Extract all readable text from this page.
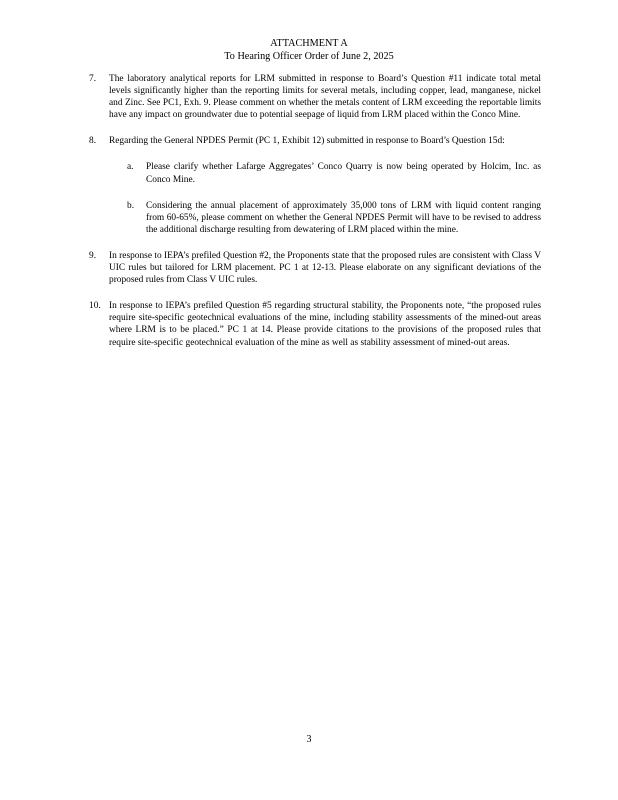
ATTACHMENT A
To Hearing Officer Order of June 2, 2025
7. The laboratory analytical reports for LRM submitted in response to Board’s Question #11 indicate total metal levels significantly higher than the reporting limits for several metals, including copper, lead, manganese, nickel and Zinc. See PC1, Exh. 9. Please comment on whether the metals content of LRM exceeding the reportable limits have any impact on groundwater due to potential seepage of liquid from LRM placed within the Conco Mine.
8. Regarding the General NPDES Permit (PC 1, Exhibit 12) submitted in response to Board’s Question 15d:
a. Please clarify whether Lafarge Aggregates’ Conco Quarry is now being operated by Holcim, Inc. as Conco Mine.
b. Considering the annual placement of approximately 35,000 tons of LRM with liquid content ranging from 60-65%, please comment on whether the General NPDES Permit will have to be revised to address the additional discharge resulting from dewatering of LRM placed within the mine.
9. In response to IEPA’s prefiled Question #2, the Proponents state that the proposed rules are consistent with Class V UIC rules but tailored for LRM placement. PC 1 at 12-13. Please elaborate on any significant deviations of the proposed rules from Class V UIC rules.
10. In response to IEPA’s prefiled Question #5 regarding structural stability, the Proponents note, “the proposed rules require site-specific geotechnical evaluations of the mine, including stability assessments of the mined-out areas where LRM is to be placed.” PC 1 at 14. Please provide citations to the provisions of the proposed rules that require site-specific geotechnical evaluation of the mine as well as stability assessment of mined-out areas.
3
